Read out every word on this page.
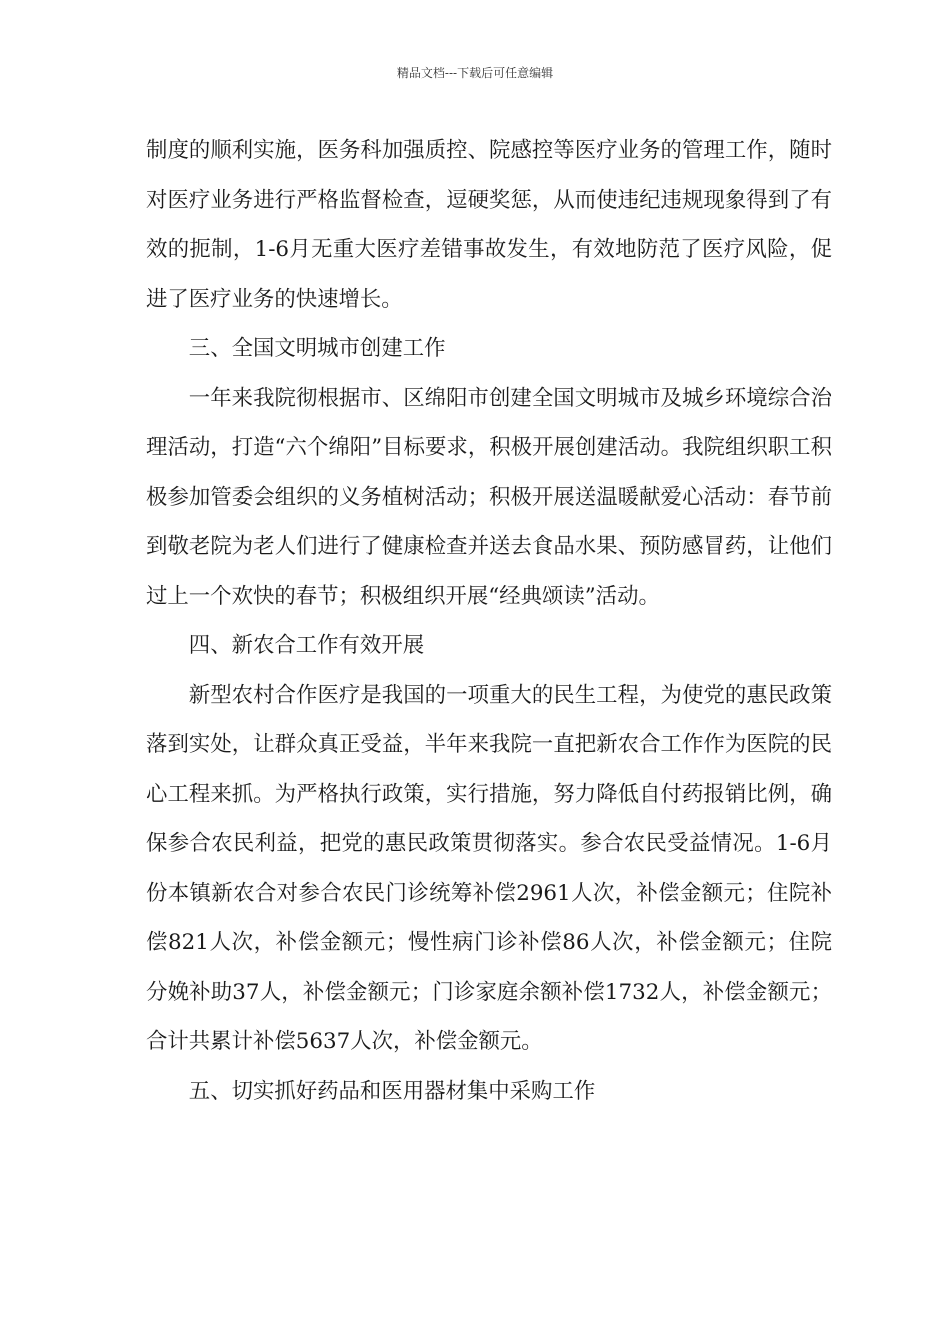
精品文档---下载后可任意编辑

制度的顺利实施，医务科加强质控、院感控等医疗业务的管理工作，随时对医疗业务进行严格监督检查，逗硬奖惩，从而使违纪违规现象得到了有效的扼制，1-6月无重大医疗差错事故发生，有效地防范了医疗风险，促进了医疗业务的快速增长。

三、全国文明城市创建工作

一年来我院彻根据市、区绵阳市创建全国文明城市及城乡环境综合治理活动，打造“六个绵阳”目标要求，积极开展创建活动。我院组织职工积极参加管委会组织的义务植树活动；积极开展送温暖献爱心活动：春节前到敬老院为老人们进行了健康检查并送去食品水果、预防感冒药，让他们过上一个欢快的春节；积极组织开展“经典颂读”活动。

四、新农合工作有效开展

新型农村合作医疗是我国的一项重大的民生工程，为使党的惠民政策落到实处，让群众真正受益，半年来我院一直把新农合工作作为医院的民心工程来抓。为严格执行政策，实行措施，努力降低自付药报销比例，确保参合农民利益，把党的惠民政策贯彻落实。参合农民受益情况。1-6月份本镇新农合对参合农民门诊统筹补偿2961人次，补偿金额元；住院补偿821人次，补偿金额元；慢性病门诊补偿86人次，补偿金额元；住院分娩补助37人，补偿金额元；门诊家庭余额补偿1732人，补偿金额元；合计共累计补偿5637人次，补偿金额元。

五、切实抓好药品和医用器材集中采购工作
